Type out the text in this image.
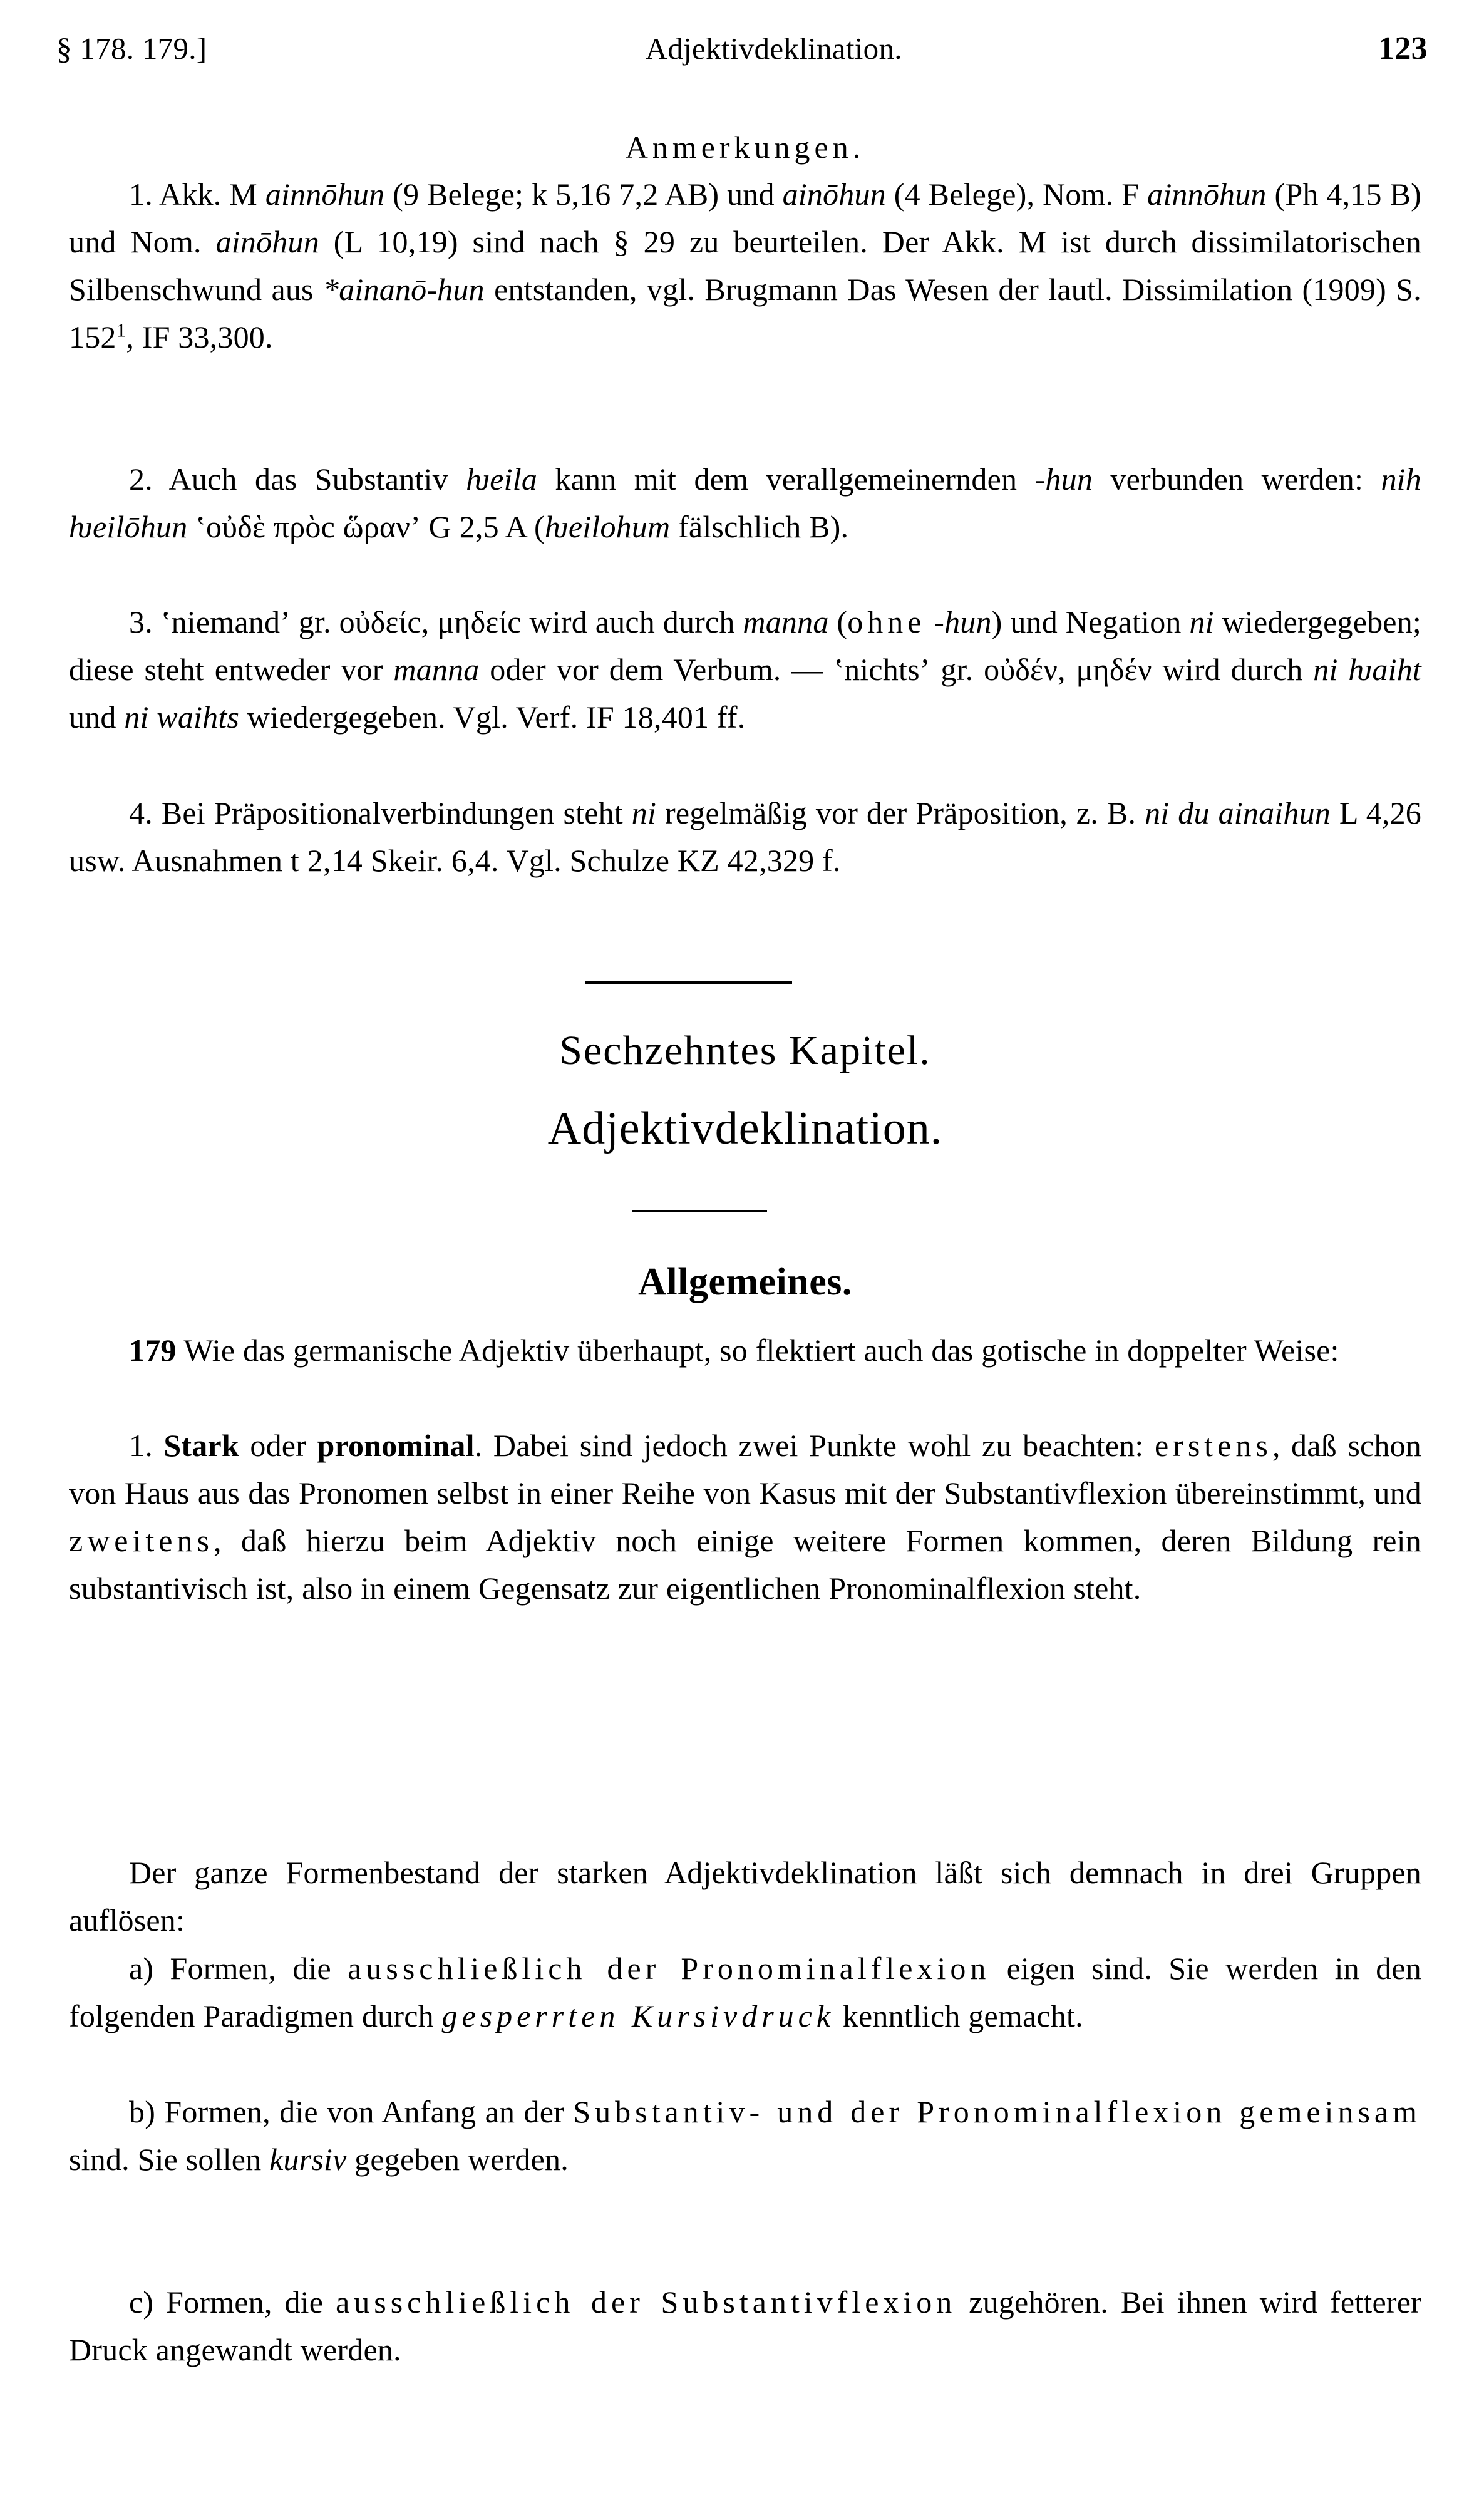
§ 178. 179.]	Adjektivdeklination.	123
Anmerkungen.

1. Akk. M ainnōhun (9 Belege; k 5,16 7,2 AB) und ainōhun (4 Belege), Nom. F ainnōhun (Ph 4,15 B) und Nom. ainōhun (L 10,19) sind nach § 29 zu beurteilen. Der Akk. M ist durch dissimilatorischen Silbenschwund aus *ainanō-hun entstanden, vgl. Brugmann Das Wesen der lautl. Dissimilation (1909) S. $152^1$, IF 33,300.

2. Auch das Substantiv ƕeila kann mit dem verallgemeinernden -hun verbunden werden: nih ƕeilōhun ʽοὐδὲ πρὸc ὥρανʼ G 2,5 A (ƕeilohum fälschlich B).

3. ʽniemandʼ gr. οὐδείc, μηδείc wird auch durch manna (ohne -hun) und Negation ni wiedergegeben; diese steht entweder vor manna oder vor dem Verbum. — ʽnichtsʼ gr. οὐδέν, μηδέν wird durch ni ƕaiht und ni waihts wiedergegeben. Vgl. Verf. IF 18,401 ff.

4. Bei Präpositionalverbindungen steht ni regelmäßig vor der Präposition, z. B. ni du ainaihun L 4,26 usw. Ausnahmen t 2,14 Skeir. 6,4. Vgl. Schulze KZ 42,329 f.

Sechzehntes Kapitel.
Adjektivdeklination.
Allgemeines.

179 Wie das germanische Adjektiv überhaupt, so flektiert auch das gotische in doppelter Weise:

1. Stark oder pronominal. Dabei sind jedoch zwei Punkte wohl zu beachten: erstens, daß schon von Haus aus das Pronomen selbst in einer Reihe von Kasus mit der Substantivflexion übereinstimmt, und zweitens, daß hierzu beim Adjektiv noch einige weitere Formen kommen, deren Bildung rein substantivisch ist, also in einem Gegensatz zur eigentlichen Pronominalflexion steht.

Der ganze Formenbestand der starken Adjektivdeklination läßt sich demnach in drei Gruppen auflösen:

a) Formen, die ausschließlich der Pronominalflexion eigen sind. Sie werden in den folgenden Paradigmen durch gesperrten Kursivdruck kenntlich gemacht.

b) Formen, die von Anfang an der Substantiv- und der Pronominalflexion gemeinsam sind. Sie sollen kursiv gegeben werden.

c) Formen, die ausschließlich der Substantivflexion zugehören. Bei ihnen wird fetterer Druck angewandt werden.
